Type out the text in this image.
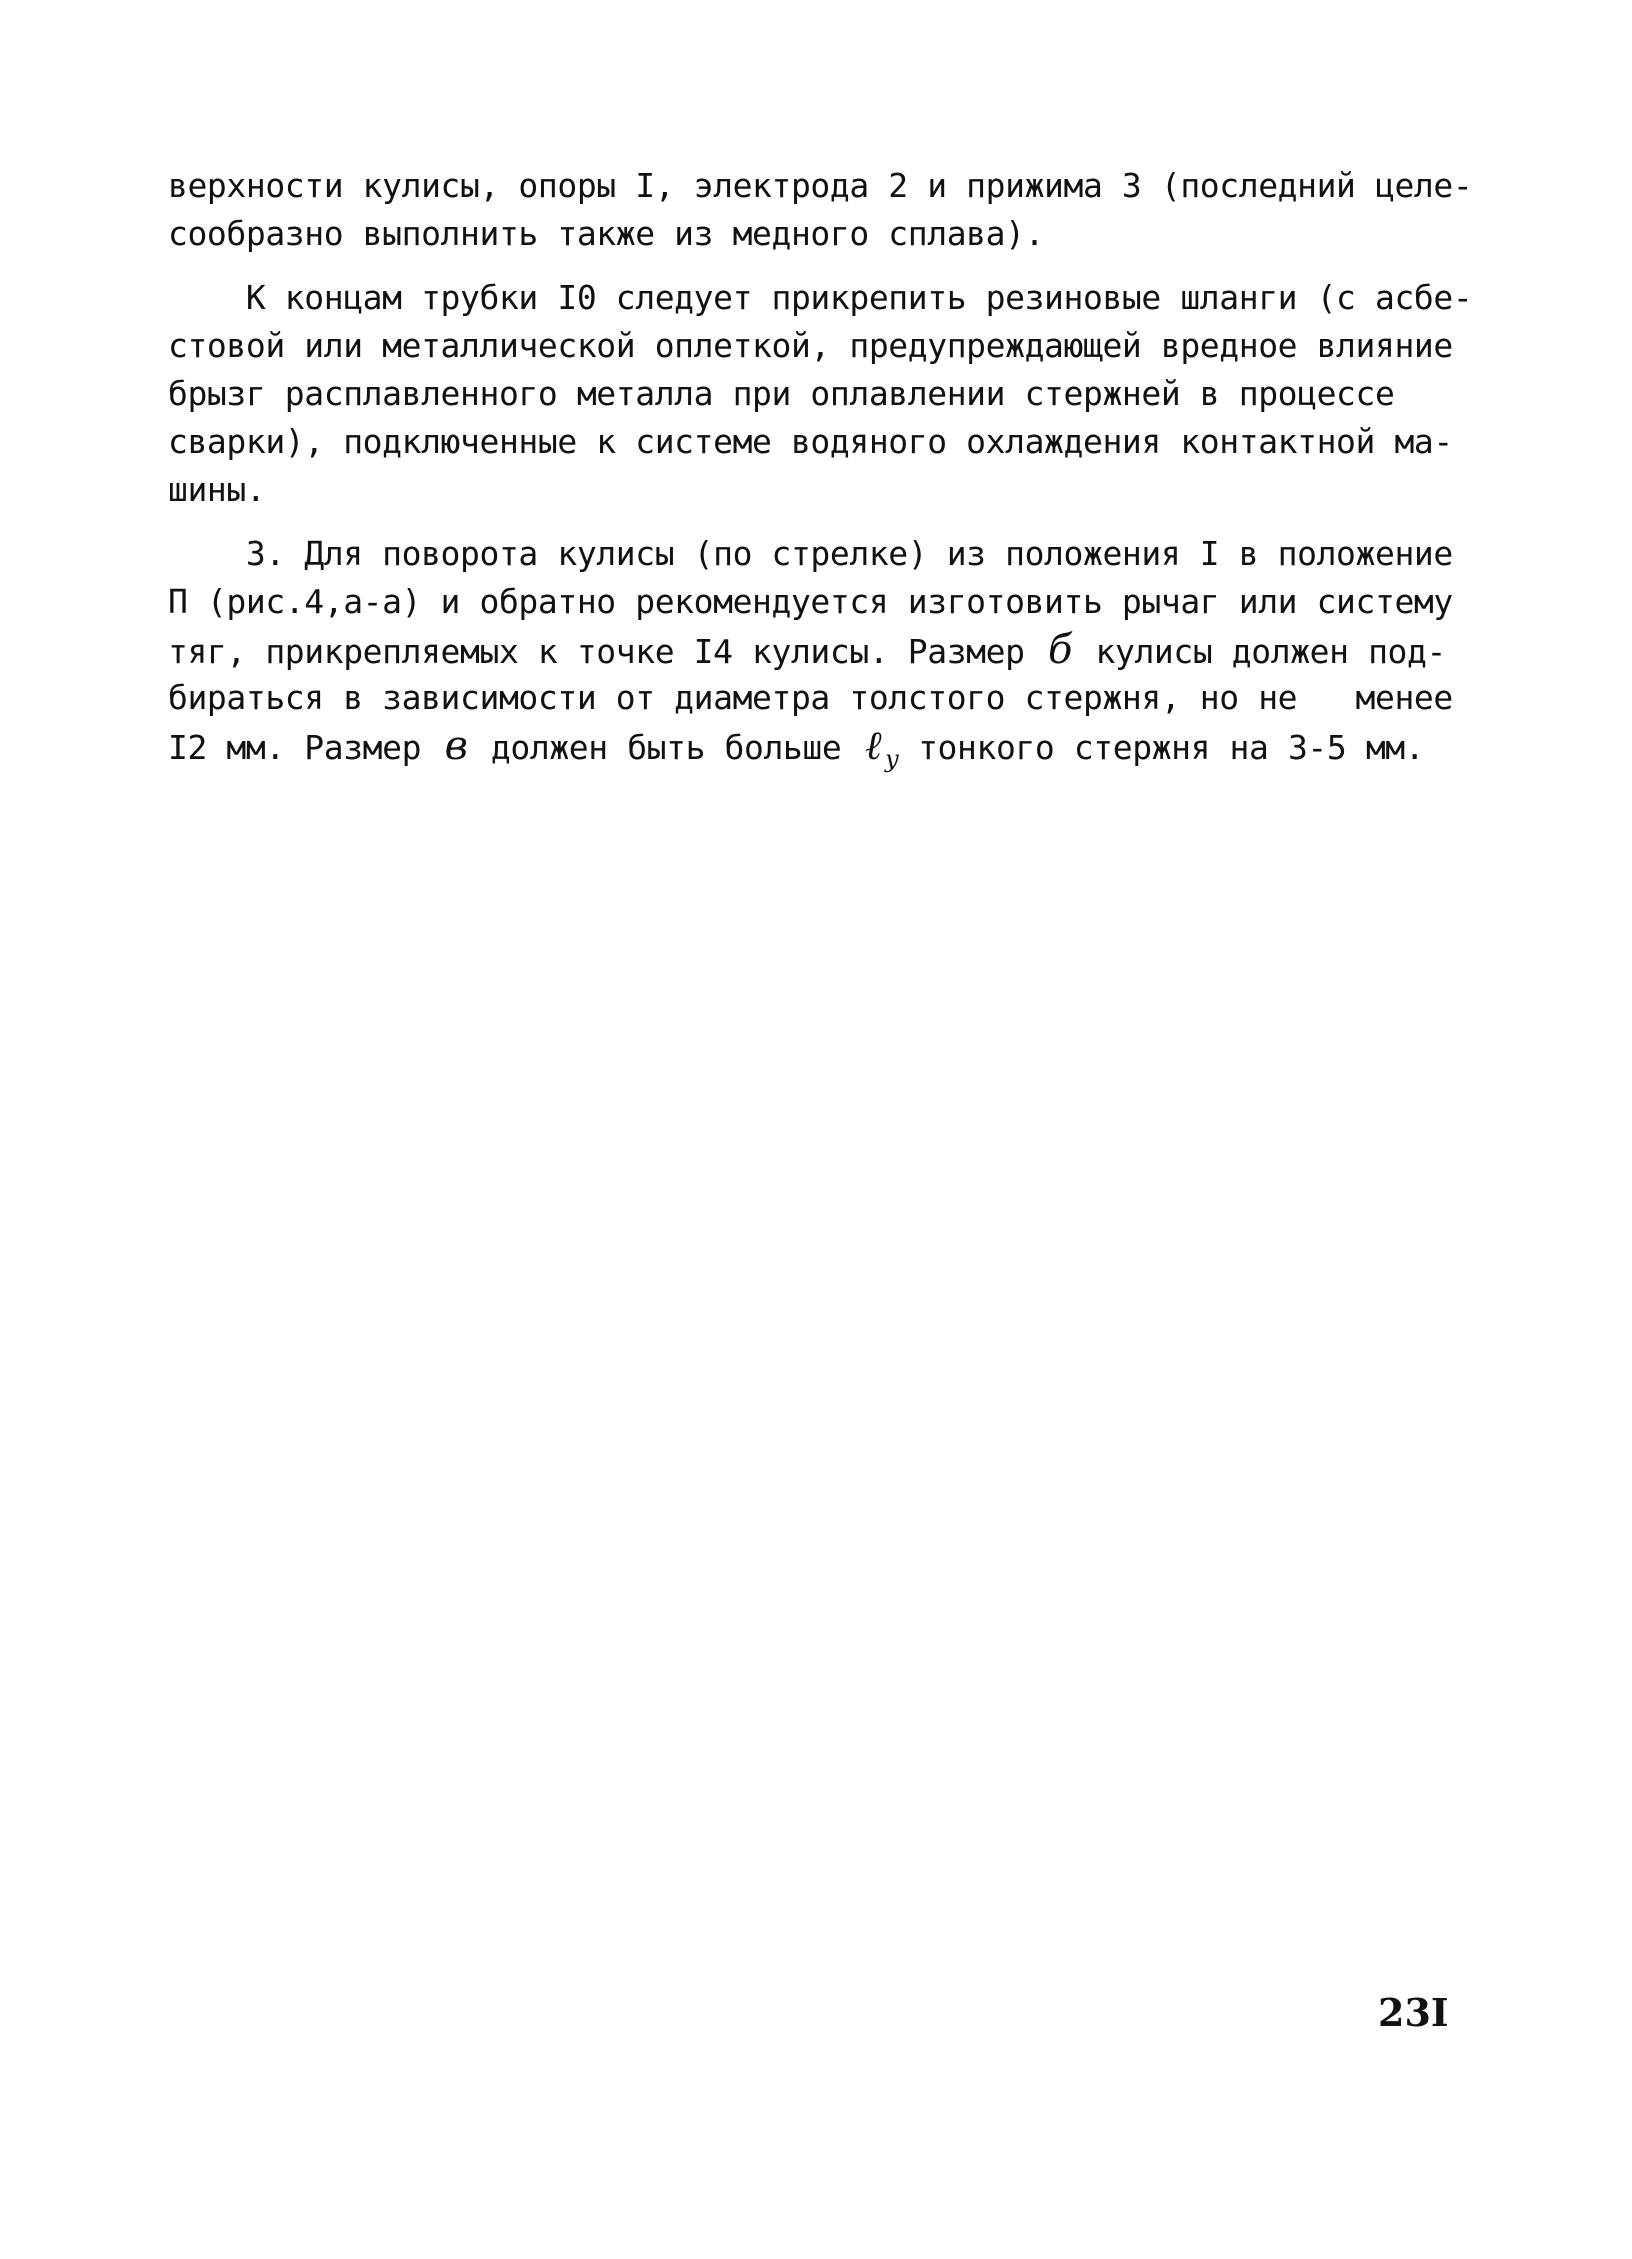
верхности кулисы, опоры I, электрода 2 и прижима 3 (последний целе-
сообразно выполнить также из медного сплава).
К концам трубки I0 следует прикрепить резиновые шланги (с асбе-
стовой или металлической оплеткой, предупреждающей вредное влияние
брызг расплавленного металла при оплавлении стержней в процессе
сварки), подключенные к системе водяного охлаждения контактной ма-
шины.
3. Для поворота кулисы (по стрелке) из положения I в положение
П (рис.4,а-а) и обратно рекомендуется изготовить рычаг или систему
тяг, прикрепляемых к точке I4 кулисы. Размер б кулисы должен под-
бираться в зависимости от диаметра толстого стержня, но не   менее
I2 мм. Размер в должен быть больше ℓ $_у$ тонкого стержня на 3-5 мм.
23I
